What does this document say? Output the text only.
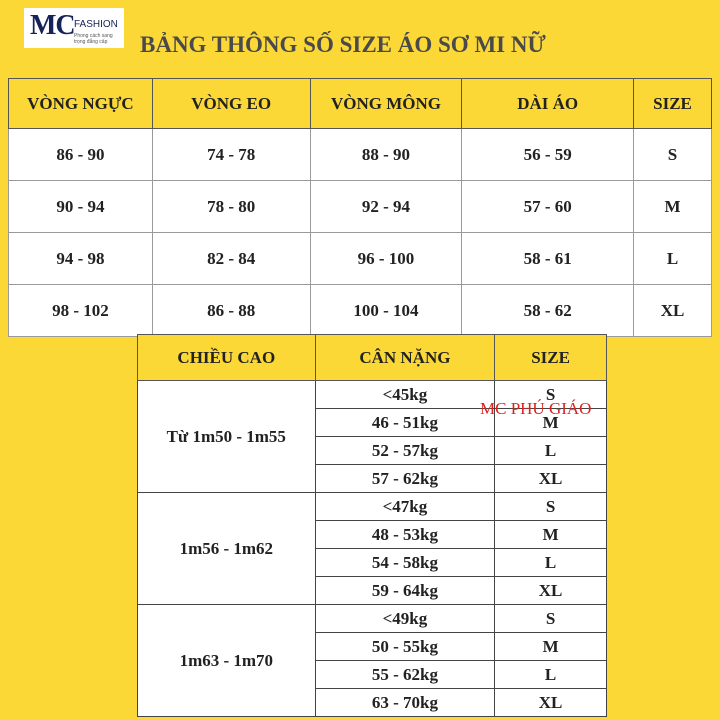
MC FASHION
Phong cách sang trọng đẳng cấp	BẢNG THÔNG SỐ SIZE ÁO SƠ MI NỮ
VÒNG NGỰC	VÒNG EO	VÒNG MÔNG	DÀI ÁO	SIZE
86 - 90	74 - 78	88 - 90	56 - 59	S
90 - 94	78 - 80	92 - 94	57 - 60	M
94 - 98	82 - 84	96 - 100	58 - 61	L
98 - 102	86 - 88	100 - 104	58 - 62	XL
CHIỀU CAO	CÂN NẶNG	SIZE
Từ 1m50 - 1m55	<45kg	S
	46 - 51kg	M
	52 - 57kg	L
	57 - 62kg	XL
1m56 - 1m62	<47kg	S
	48 - 53kg	M
	54 - 58kg	L
	59 - 64kg	XL
1m63 - 1m70	<49kg	S
	50 - 55kg	M
	55 - 62kg	L
	63 - 70kg	XL
MC PHÚ GIÁO
